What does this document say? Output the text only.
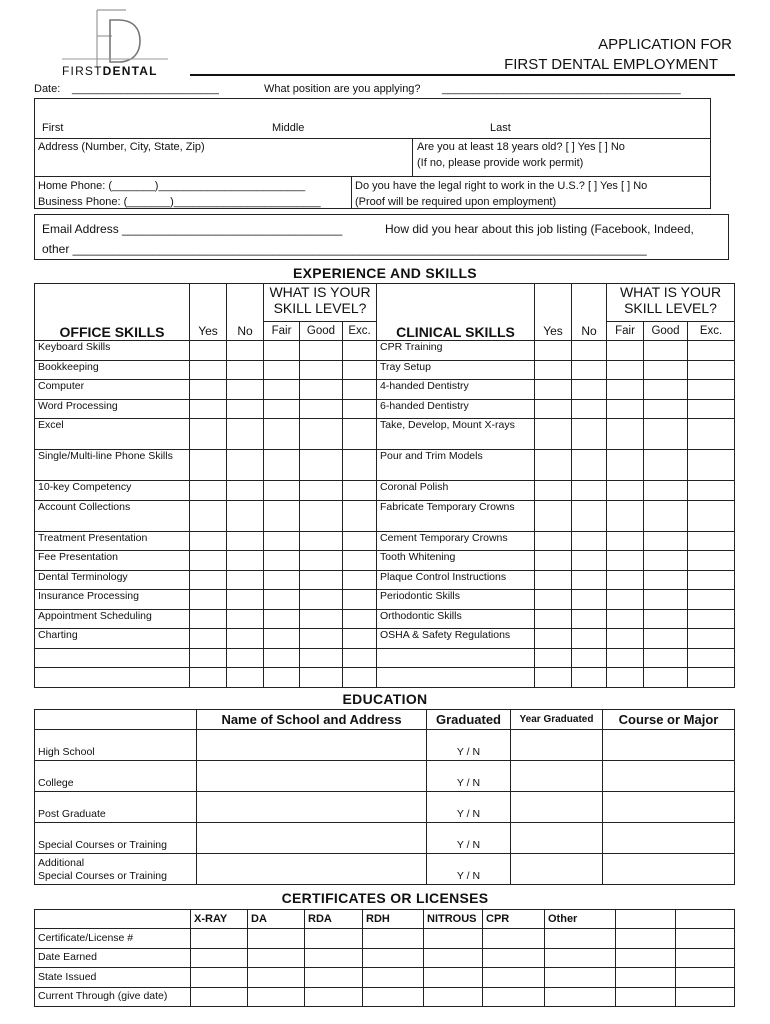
FIRSTDENTAL
APPLICATION FOR
FIRST DENTAL EMPLOYMENT
Date: ________________________	What position are you applying? _______________________________________
First	Middle	Last
Address (Number, City, State, Zip)	Are you at least 18 years old? [ ] Yes [ ] No
(If no, please provide work permit)
Home Phone: (_______)________________________
Business Phone: (_______)________________________
Do you have the legal right to work in the U.S.? [ ] Yes [ ] No
(Proof will be required upon employment)
Email Address _________________________________	How did you hear about this job listing (Facebook, Indeed,
other ______________________________________________________________________________________
EXPERIENCE AND SKILLS
OFFICE SKILLS	Yes	No	WHAT IS YOUR SKILL LEVEL?			CLINICAL SKILLS	Yes	No	WHAT IS YOUR SKILL LEVEL?		
			Fair	Good	Exc.				Fair	Good	Exc.
Keyboard Skills						CPR Training					
Bookkeeping						Tray Setup					
Computer						4-handed Dentistry					
Word Processing						6-handed Dentistry					
Excel						Take, Develop, Mount X-rays					
Single/Multi-line Phone Skills						Pour and Trim Models					
10-key Competency						Coronal Polish					
Account Collections						Fabricate Temporary Crowns					
Treatment Presentation						Cement Temporary Crowns					
Fee Presentation						Tooth Whitening					
Dental Terminology						Plaque Control Instructions					
Insurance Processing						Periodontic Skills					
Appointment Scheduling						Orthodontic Skills					
Charting						OSHA & Safety Regulations					

EDUCATION
	Name of School and Address	Graduated	Year Graduated	Course or Major
High School		Y / N		
College		Y / N		
Post Graduate		Y / N		
Special Courses or Training		Y / N		
Additional
Special Courses or Training		Y / N		
CERTIFICATES OR LICENSES
	X-RAY	DA	RDA	RDH	NITROUS	CPR	Other		
Certificate/License #									
Date Earned									
State Issued									
Current Through (give date)									
